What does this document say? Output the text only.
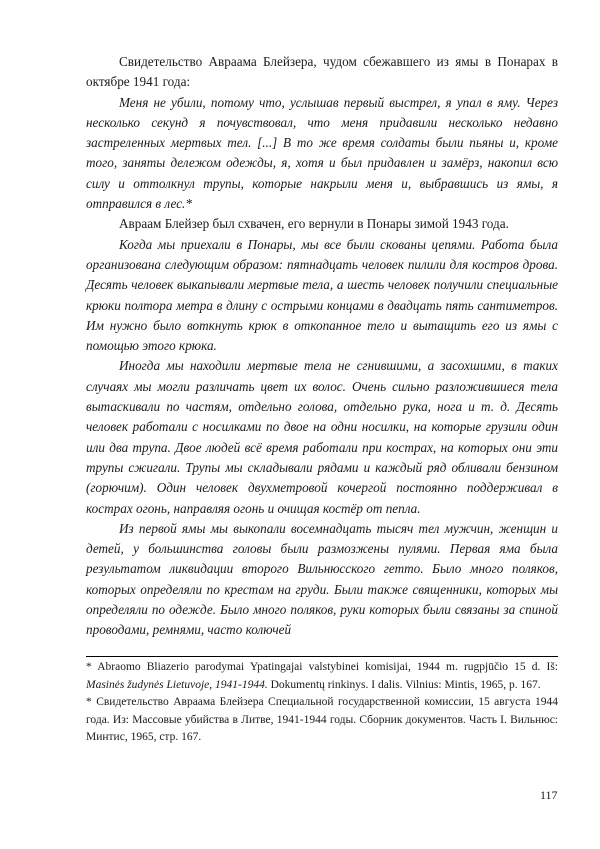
Свидетельство Авраама Блейзера, чудом сбежавшего из ямы в Понарах в октябре 1941 года:

Меня не убили, потому что, услышав первый выстрел, я упал в яму. Через несколько секунд я почувствовал, что меня придавили несколько недавно застреленных мертвых тел. [...] В то же время солдаты были пьяны и, кроме того, заняты дележом одежды, я, хотя и был придавлен и замёрз, накопил всю силу и оттолкнул трупы, которые накрыли меня и, выбравшись из ямы, я отправился в лес.*

Авраам Блейзер был схвачен, его вернули в Понары зимой 1943 года.

Когда мы приехали в Понары, мы все были скованы цепями. Работа была организована следующим образом: пятнадцать человек пилили для костров дрова. Десять человек выкапывали мертвые тела, а шесть человек получили специальные крюки полтора метра в длину с острыми концами в двадцать пять сантиметров. Им нужно было воткнуть крюк в откопанное тело и вытащить его из ямы с помощью этого крюка.

Иногда мы находили мертвые тела не сгнившими, а засохшими, в таких случаях мы могли различать цвет их волос. Очень сильно разложившиеся тела вытаскивали по частям, отдельно голова, отдельно рука, нога и т. д. Десять человек работали с носилками по двое на одни носилки, на которые грузили один или два трупа. Двое людей всё время работали при кострах, на которых они эти трупы сжигали. Трупы мы складывали рядами и каждый ряд обливали бензином (горючим). Один человек двухметровой кочергой постоянно поддерживал в кострах огонь, направляя огонь и очищая костёр от пепла.

Из первой ямы мы выкопали восемнадцать тысяч тел мужчин, женщин и детей, у большинства головы были размозжены пулями. Первая яма была результатом ликвидации второго Вильнюсского гетто. Было много поляков, которых определяли по крестам на груди. Были также священники, которых мы определяли по одежде. Было много поляков, руки которых были связаны за спиной проводами, ремнями, часто колючей

* Abraomo Bliazerio parodymai Ypatingajai valstybinei komisijai, 1944 m. rugpjūčio 15 d. Iš: Masinės žudynės Lietuvoje, 1941-1944. Dokumentų rinkinys. I dalis. Vilnius: Mintis, 1965, p. 167.

* Свидетельство Авраама Блейзера Специальной государственной комиссии, 15 августа 1944 года. Из: Массовые убийства в Литве, 1941-1944 годы. Сборник документов. Часть I. Вильнюс: Минтис, 1965, стр. 167.

117
